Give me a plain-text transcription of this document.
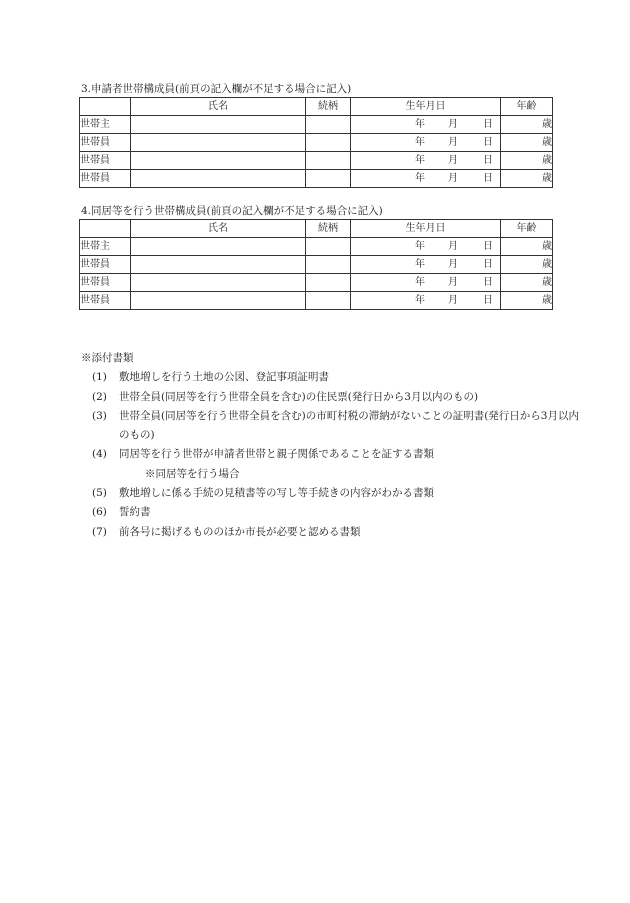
3.申請者世帯構成員(前頁の記入欄が不足する場合に記入)
	氏名	続柄	生年月日	年齢
世帯主			年 月 日	歳
世帯員			年 月 日	歳
世帯員			年 月 日	歳
世帯員			年 月 日	歳
4.同居等を行う世帯構成員(前頁の記入欄が不足する場合に記入)
	氏名	続柄	生年月日	年齢
世帯主			年 月 日	歳
世帯員			年 月 日	歳
世帯員			年 月 日	歳
世帯員			年 月 日	歳
※添付書類
(1) 敷地増しを行う土地の公図、登記事項証明書
(2) 世帯全員(同居等を行う世帯全員を含む)の住民票(発行日から3月以内のもの)
(3) 世帯全員(同居等を行う世帯全員を含む)の市町村税の滞納がないことの証明書(発行日から3月以内のもの)
(4) 同居等を行う世帯が申請者世帯と親子関係であることを証する書類
※同居等を行う場合
(5) 敷地増しに係る手続の見積書等の写し等手続きの内容がわかる書類
(6) 誓約書
(7) 前各号に掲げるもののほか市長が必要と認める書類
